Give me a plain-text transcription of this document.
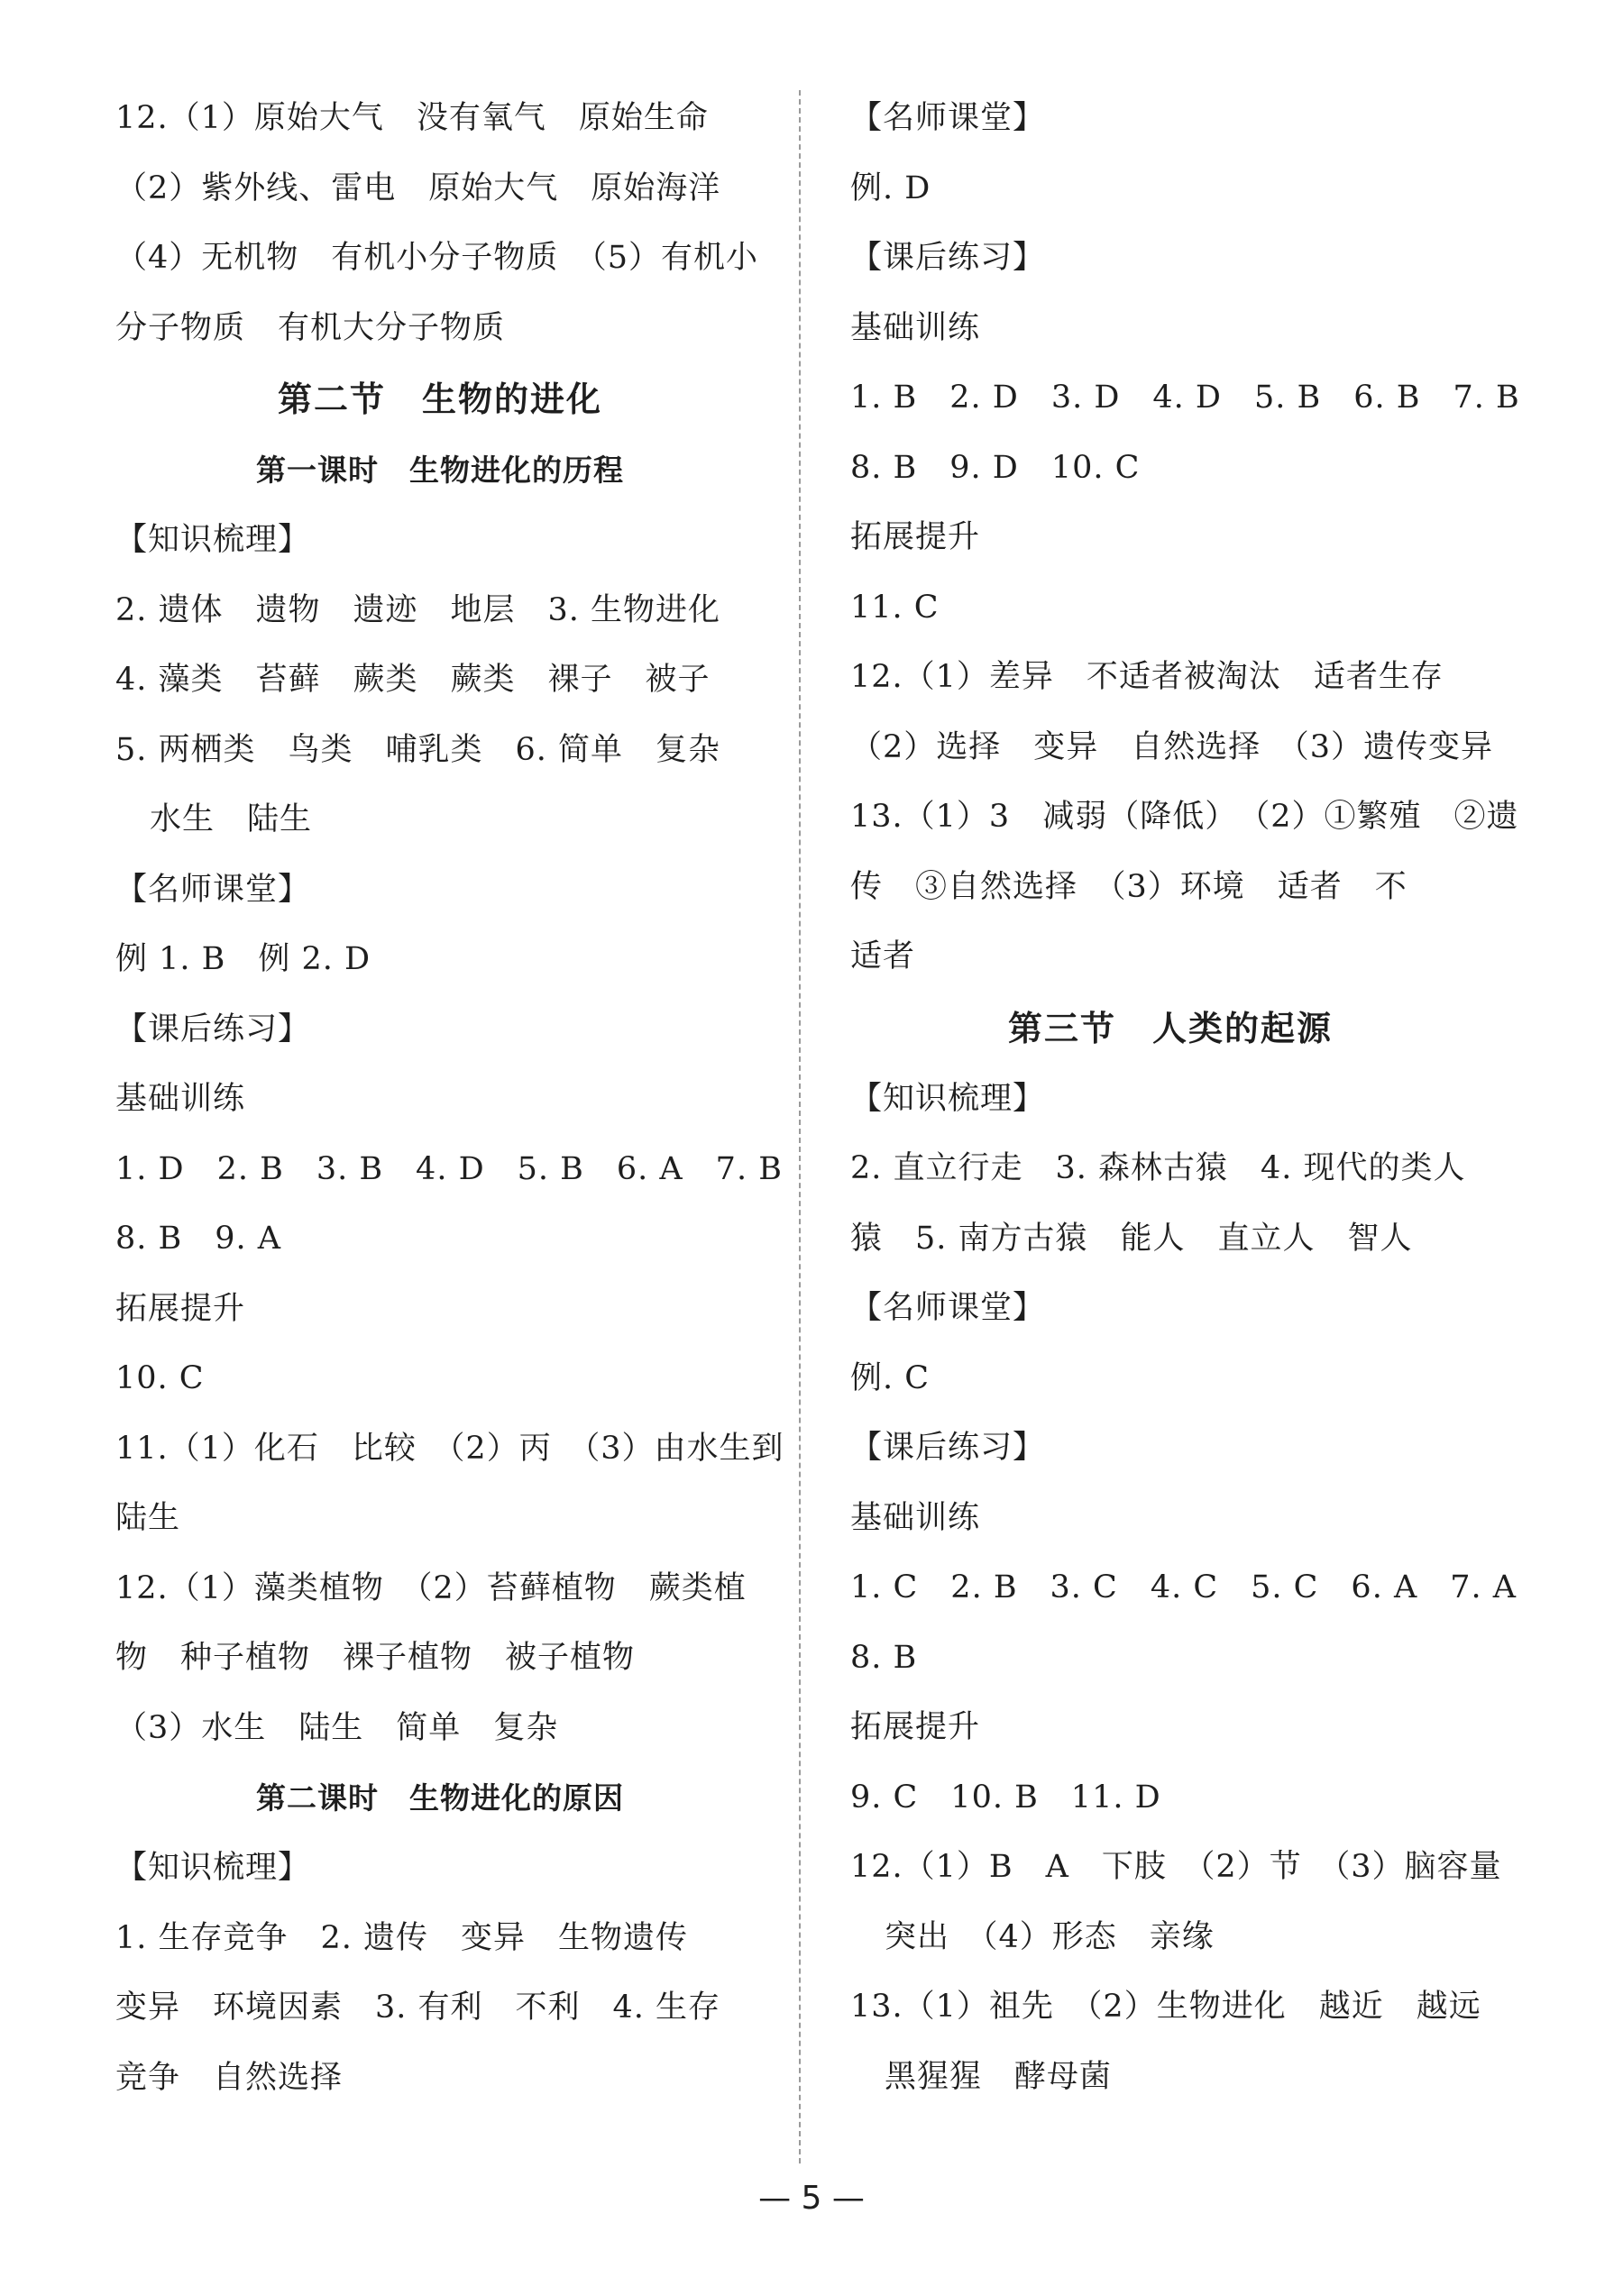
12.（1）原始大气　没有氧气　原始生命
（2）紫外线、雷电　原始大气　原始海洋
（4）无机物　有机小分子物质　（5）有机小
分子物质　有机大分子物质
第二节　生物的进化
第一课时　生物进化的历程
【知识梳理】
2. 遗体　遗物　遗迹　地层　3. 生物进化
4. 藻类　苔藓　蕨类　蕨类　裸子　被子
5. 两栖类　鸟类　哺乳类　6. 简单　复杂
水生　陆生
【名师课堂】
例 1. B　例 2. D
【课后练习】
基础训练
1. D　2. B　3. B　4. D　5. B　6. A　7. B
8. B　9. A
拓展提升
10. C
11.（1）化石　比较　（2）丙　（3）由水生到
陆生
12.（1）藻类植物　（2）苔藓植物　蕨类植
物　种子植物　裸子植物　被子植物
（3）水生　陆生　简单　复杂
第二课时　生物进化的原因
【知识梳理】
1. 生存竞争　2. 遗传　变异　生物遗传
变异　环境因素　3. 有利　不利　4. 生存
竞争　自然选择
【名师课堂】
例. D
【课后练习】
基础训练
1. B　2. D　3. D　4. D　5. B　6. B　7. B
8. B　9. D　10. C
拓展提升
11. C
12.（1）差异　不适者被淘汰　适者生存
（2）选择　变异　自然选择　（3）遗传变异
13.（1）3　减弱（降低）　（2）①繁殖　②遗
传　③自然选择　（3）环境　适者　不
适者
第三节　人类的起源
【知识梳理】
2. 直立行走　3. 森林古猿　4. 现代的类人
猿　5. 南方古猿　能人　直立人　智人
【名师课堂】
例. C
【课后练习】
基础训练
1. C　2. B　3. C　4. C　5. C　6. A　7. A
8. B
拓展提升
9. C　10. B　11. D
12.（1）B　A　下肢　（2）节　（3）脑容量
突出　（4）形态　亲缘
13.（1）祖先　（2）生物进化　越近　越远
黑猩猩　酵母菌
— 5 —
